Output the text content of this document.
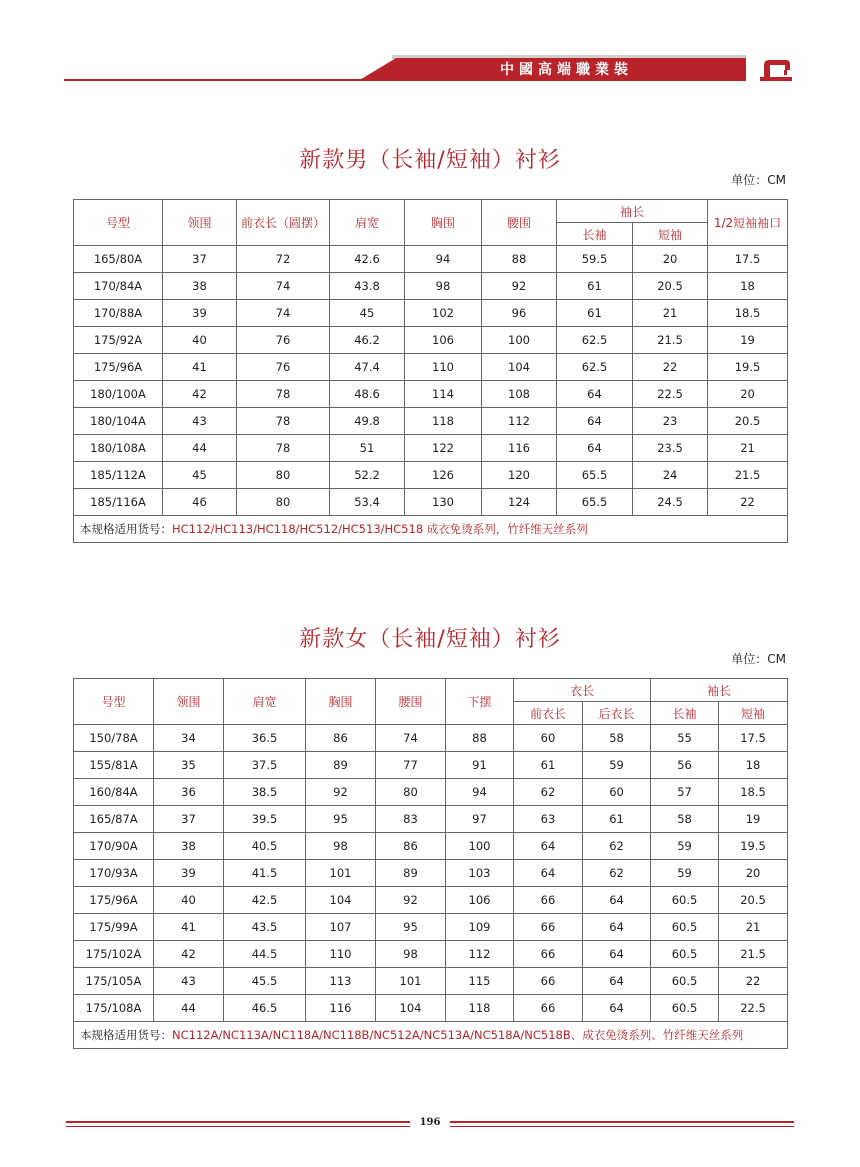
中國高端職業裝
新款男（长袖/短袖）衬衫
单位：CM
号型	领围	前衣长（圆摆）	肩宽	胸围	腰围	袖长		1/2短袖袖口
						长袖	短袖	
165/80A	37	72	42.6	94	88	59.5	20	17.5
170/84A	38	74	43.8	98	92	61	20.5	18
170/88A	39	74	45	102	96	61	21	18.5
175/92A	40	76	46.2	106	100	62.5	21.5	19
175/96A	41	76	47.4	110	104	62.5	22	19.5
180/100A	42	78	48.6	114	108	64	22.5	20
180/104A	43	78	49.8	118	112	64	23	20.5
180/108A	44	78	51	122	116	64	23.5	21
185/112A	45	80	52.2	126	120	65.5	24	21.5
185/116A	46	80	53.4	130	124	65.5	24.5	22
本规格适用货号：HC112/HC113/HC118/HC512/HC513/HC518 成衣免烫系列，竹纤维天丝系列								
新款女（长袖/短袖）衬衫
单位：CM
号型	领围	肩宽	胸围	腰围	下摆	衣长		袖长	
						前衣长	后衣长	长袖	短袖
150/78A	34	36.5	86	74	88	60	58	55	17.5
155/81A	35	37.5	89	77	91	61	59	56	18
160/84A	36	38.5	92	80	94	62	60	57	18.5
165/87A	37	39.5	95	83	97	63	61	58	19
170/90A	38	40.5	98	86	100	64	62	59	19.5
170/93A	39	41.5	101	89	103	64	62	59	20
175/96A	40	42.5	104	92	106	66	64	60.5	20.5
175/99A	41	43.5	107	95	109	66	64	60.5	21
175/102A	42	44.5	110	98	112	66	64	60.5	21.5
175/105A	43	45.5	113	101	115	66	64	60.5	22
175/108A	44	46.5	116	104	118	66	64	60.5	22.5
本规格适用货号：NC112A/NC113A/NC118A/NC118B/NC512A/NC513A/NC518A/NC518B、成衣免烫系列、竹纤维天丝系列									
196
